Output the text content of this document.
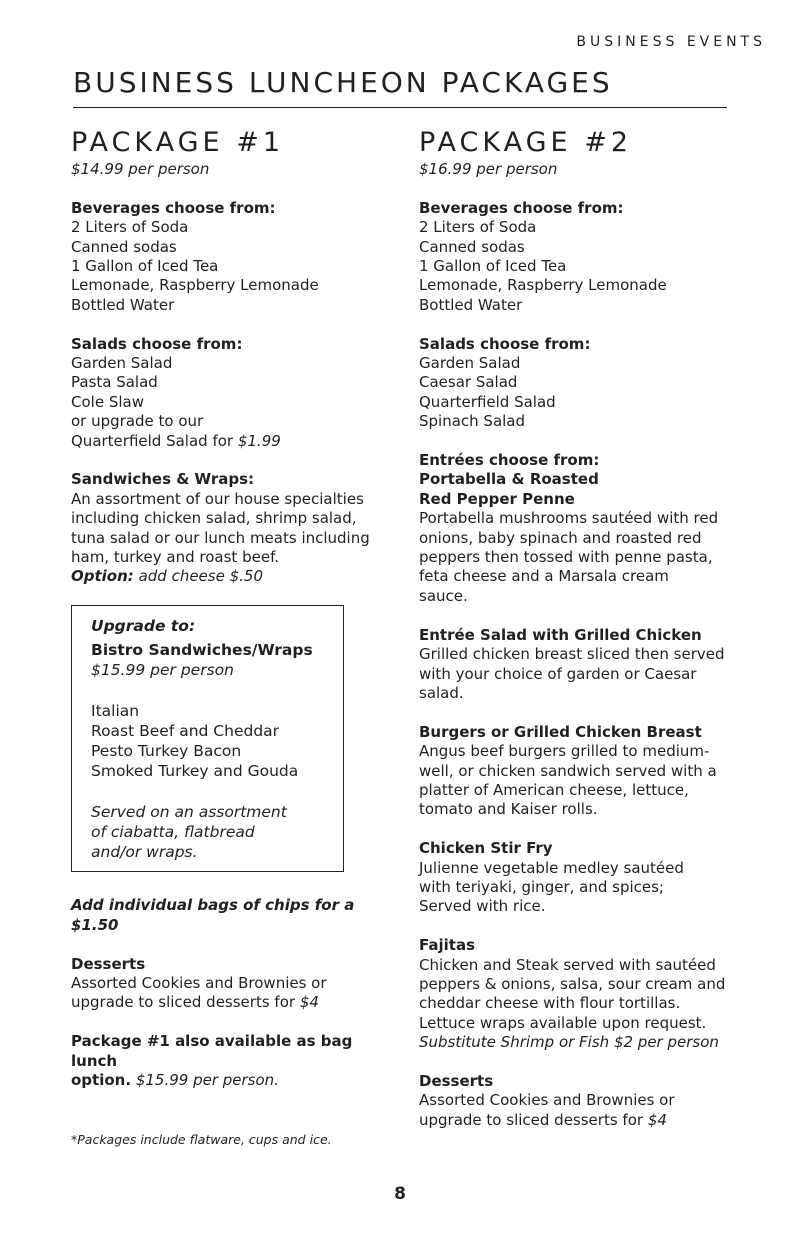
BUSINESS EVENTS
BUSINESS LUNCHEON PACKAGES
PACKAGE #1
$14.99 per person
Beverages choose from:
2 Liters of Soda
Canned sodas
1 Gallon of Iced Tea
Lemonade, Raspberry Lemonade
Bottled Water
Salads choose from:
Garden Salad
Pasta Salad
Cole Slaw
or upgrade to our
Quarterfield Salad for $1.99
Sandwiches & Wraps:
An assortment of our house specialties
including chicken salad, shrimp salad,
tuna salad or our lunch meats including
ham, turkey and roast beef.
Option: add cheese $.50
Upgrade to:
Bistro Sandwiches/Wraps
$15.99 per person
Italian
Roast Beef and Cheddar
Pesto Turkey Bacon
Smoked Turkey and Gouda
Served on an assortment
of ciabatta, flatbread
and/or wraps.
Add individual bags of chips for a $1.50
Desserts
Assorted Cookies and Brownies or
upgrade to sliced desserts for $4
Package #1 also available as bag lunch
option. $15.99 per person.
PACKAGE #2
$16.99 per person
Beverages choose from:
2 Liters of Soda
Canned sodas
1 Gallon of Iced Tea
Lemonade, Raspberry Lemonade
Bottled Water
Salads choose from:
Garden Salad
Caesar Salad
Quarterfield Salad
Spinach Salad
Entrées choose from:
Portabella & Roasted
Red Pepper Penne
Portabella mushrooms sautéed with red
onions, baby spinach and roasted red
peppers then tossed with penne pasta,
feta cheese and a Marsala cream
sauce.
Entrée Salad with Grilled Chicken
Grilled chicken breast sliced then served
with your choice of garden or Caesar
salad.
Burgers or Grilled Chicken Breast
Angus beef burgers grilled to medium-
well, or chicken sandwich served with a
platter of American cheese, lettuce,
tomato and Kaiser rolls.
Chicken Stir Fry
Julienne vegetable medley sautéed
with teriyaki, ginger, and spices;
Served with rice.
Fajitas
Chicken and Steak served with sautéed
peppers & onions, salsa, sour cream and
cheddar cheese with flour tortillas.
Lettuce wraps available upon request.
Substitute Shrimp or Fish $2 per person
Desserts
Assorted Cookies and Brownies or
upgrade to sliced desserts for $4
*Packages include flatware, cups and ice.
8
